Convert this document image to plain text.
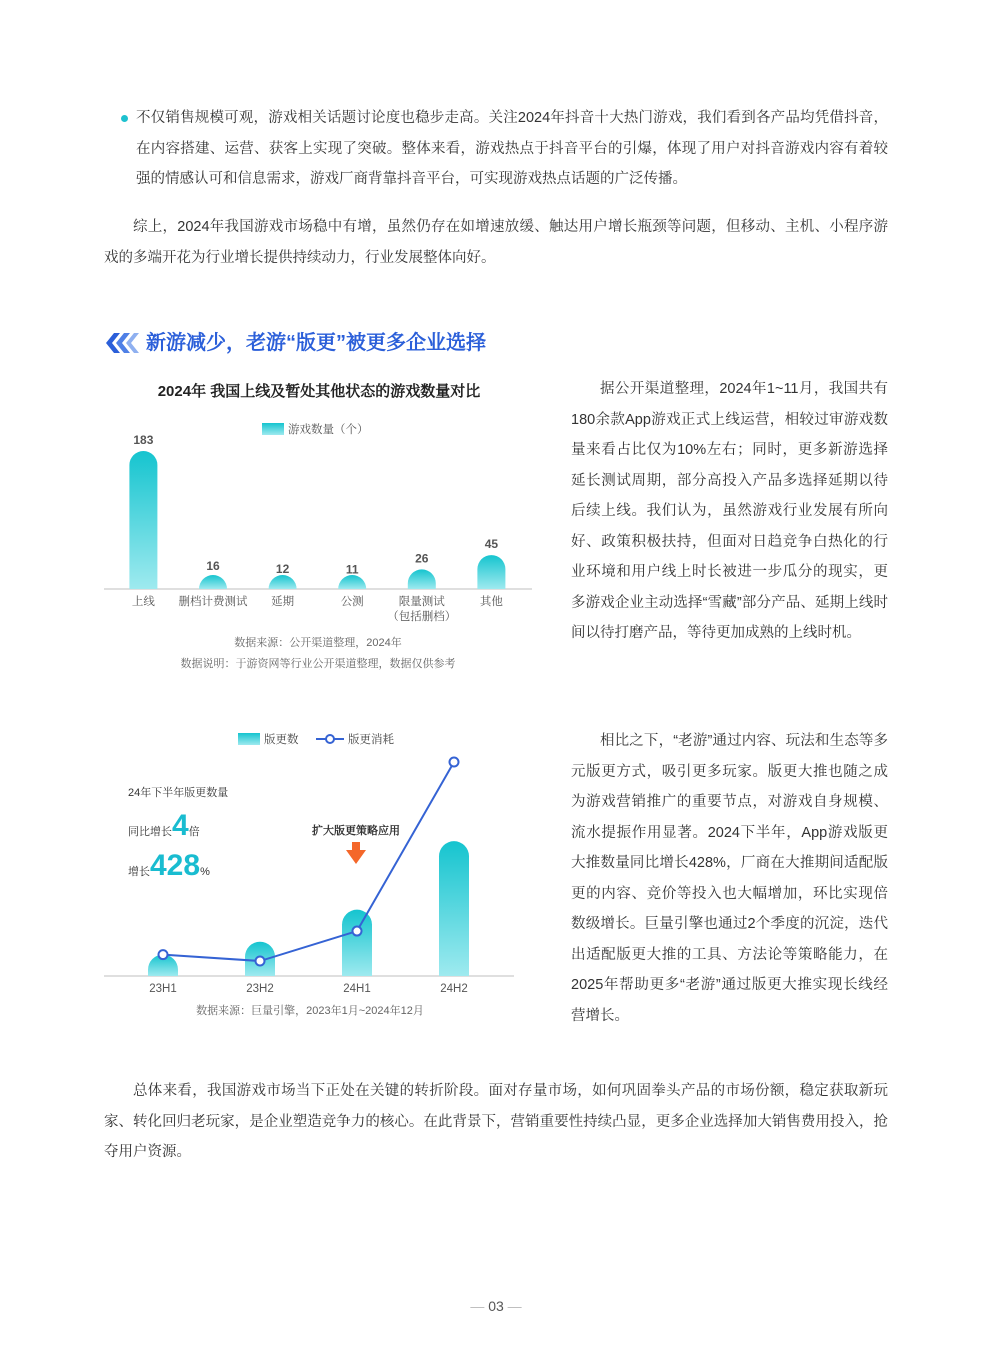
不仅销售规模可观，游戏相关话题讨论度也稳步走高。关注2024年抖音十大热门游戏，我们看到各产品均凭借抖音，在内容搭建、运营、获客上实现了突破。整体来看，游戏热点于抖音平台的引爆，体现了用户对抖音游戏内容有着较强的情感认可和信息需求，游戏厂商背靠抖音平台，可实现游戏热点话题的广泛传播。

综上，2024年我国游戏市场稳中有增，虽然仍存在如增速放缓、触达用户增长瓶颈等问题，但移动、主机、小程序游戏的多端开花为行业增长提供持续动力，行业发展整体向好。

新游减少，老游“版更”被更多企业选择
2024年 我国上线及暂处其他状态的游戏数量对比
游戏数量（个）
183
上线
16
删档计费测试
12
延期
11
公测
26
限量测试
（包括删档）
45
其他
数据来源：公开渠道整理，2024年
数据说明：于游资网等行业公开渠道整理，数据仅供参考

据公开渠道整理，2024年1~11月，我国共有180余款App游戏正式上线运营，相较过审游戏数量来看占比仅为10%左右；同时，更多新游选择延长测试周期，部分高投入产品多选择延期以待后续上线。我们认为，虽然游戏行业发展有所向好、政策积极扶持，但面对日趋竞争白热化的行业环境和用户线上时长被进一步瓜分的现实，更多游戏企业主动选择“雪藏”部分产品、延期上线时间以待打磨产品，等待更加成熟的上线时机。

版更数	版更消耗
24年下半年版更数量
同比增长4倍
增长428%
扩大版更策略应用
23H1	23H2	24H1	24H2
数据来源：巨量引擎，2023年1月~2024年12月

相比之下，“老游”通过内容、玩法和生态等多元版更方式，吸引更多玩家。版更大推也随之成为游戏营销推广的重要节点，对游戏自身规模、流水提振作用显著。2024下半年，App游戏版更大推数量同比增长428%，厂商在大推期间适配版更的内容、竞价等投入也大幅增加，环比实现倍数级增长。巨量引擎也通过2个季度的沉淀，迭代出适配版更大推的工具、方法论等策略能力，在2025年帮助更多“老游”通过版更大推实现长线经营增长。

总体来看，我国游戏市场当下正处在关键的转折阶段。面对存量市场，如何巩固拳头产品的市场份额，稳定获取新玩家、转化回归老玩家，是企业塑造竞争力的核心。在此背景下，营销重要性持续凸显，更多企业选择加大销售费用投入，抢夺用户资源。

— 03 —
